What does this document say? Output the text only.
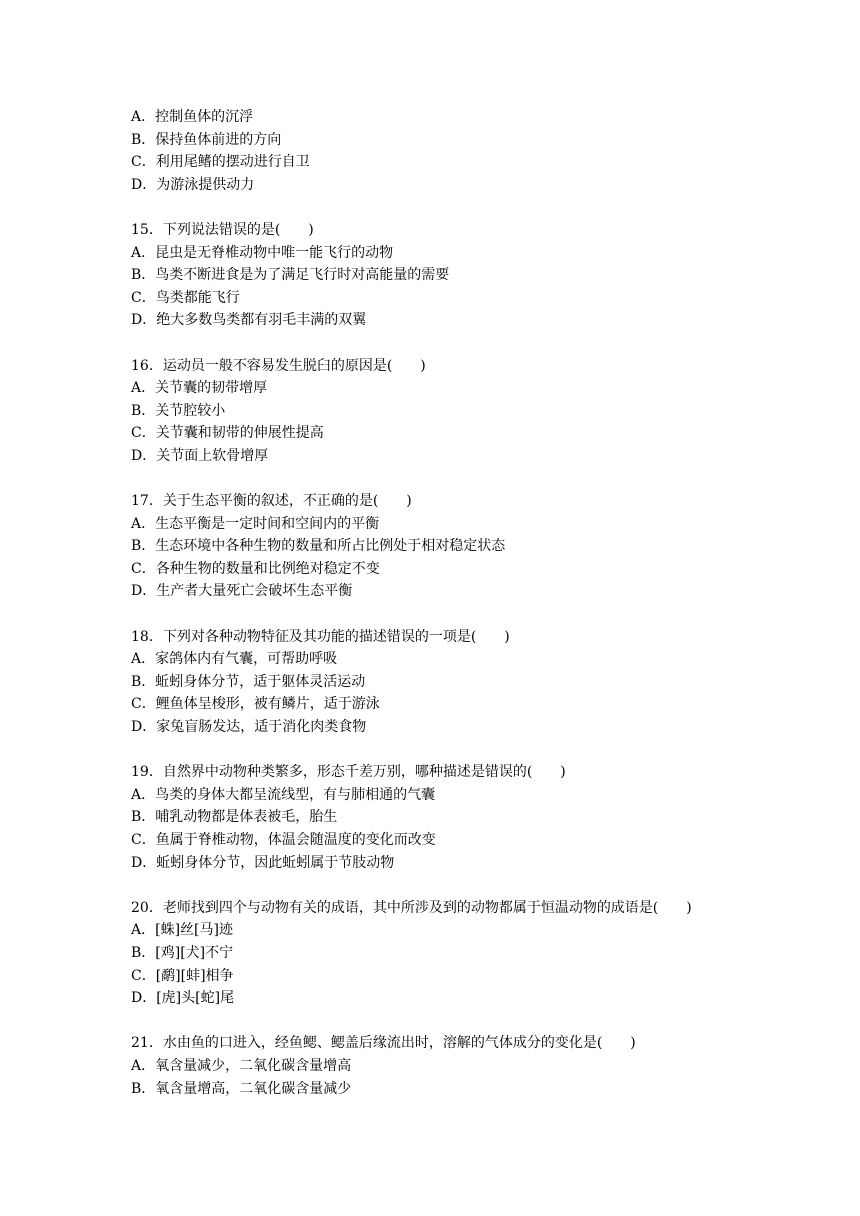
A．控制鱼体的沉浮
B．保持鱼体前进的方向
C．利用尾鳍的摆动进行自卫
D．为游泳提供动力
15．下列说法错误的是(　　)
A．昆虫是无脊椎动物中唯一能飞行的动物
B．鸟类不断进食是为了满足飞行时对高能量的需要
C．鸟类都能飞行
D．绝大多数鸟类都有羽毛丰满的双翼
16．运动员一般不容易发生脱臼的原因是(　　)
A．关节囊的韧带增厚
B．关节腔较小
C．关节囊和韧带的伸展性提高
D．关节面上软骨增厚
17．关于生态平衡的叙述，不正确的是(　　)
A．生态平衡是一定时间和空间内的平衡
B．生态环境中各种生物的数量和所占比例处于相对稳定状态
C．各种生物的数量和比例绝对稳定不变
D．生产者大量死亡会破坏生态平衡
18．下列对各种动物特征及其功能的描述错误的一项是(　　)
A．家鸽体内有气囊，可帮助呼吸
B．蚯蚓身体分节，适于躯体灵活运动
C．鲤鱼体呈梭形，被有鳞片，适于游泳
D．家兔盲肠发达，适于消化肉类食物
19．自然界中动物种类繁多，形态千差万别，哪种描述是错误的(　　)
A．鸟类的身体大都呈流线型，有与肺相通的气囊
B．哺乳动物都是体表被毛，胎生
C．鱼属于脊椎动物，体温会随温度的变化而改变
D．蚯蚓身体分节，因此蚯蚓属于节肢动物
20．老师找到四个与动物有关的成语，其中所涉及到的动物都属于恒温动物的成语是(　　)
A．[蛛]丝[马]迹
B．[鸡][犬]不宁
C．[鹬][蚌]相争
D．[虎]头[蛇]尾
21．水由鱼的口进入，经鱼鳃、鳃盖后缘流出时，溶解的气体成分的变化是(　　)
A．氧含量减少，二氧化碳含量增高
B．氧含量增高，二氧化碳含量减少
